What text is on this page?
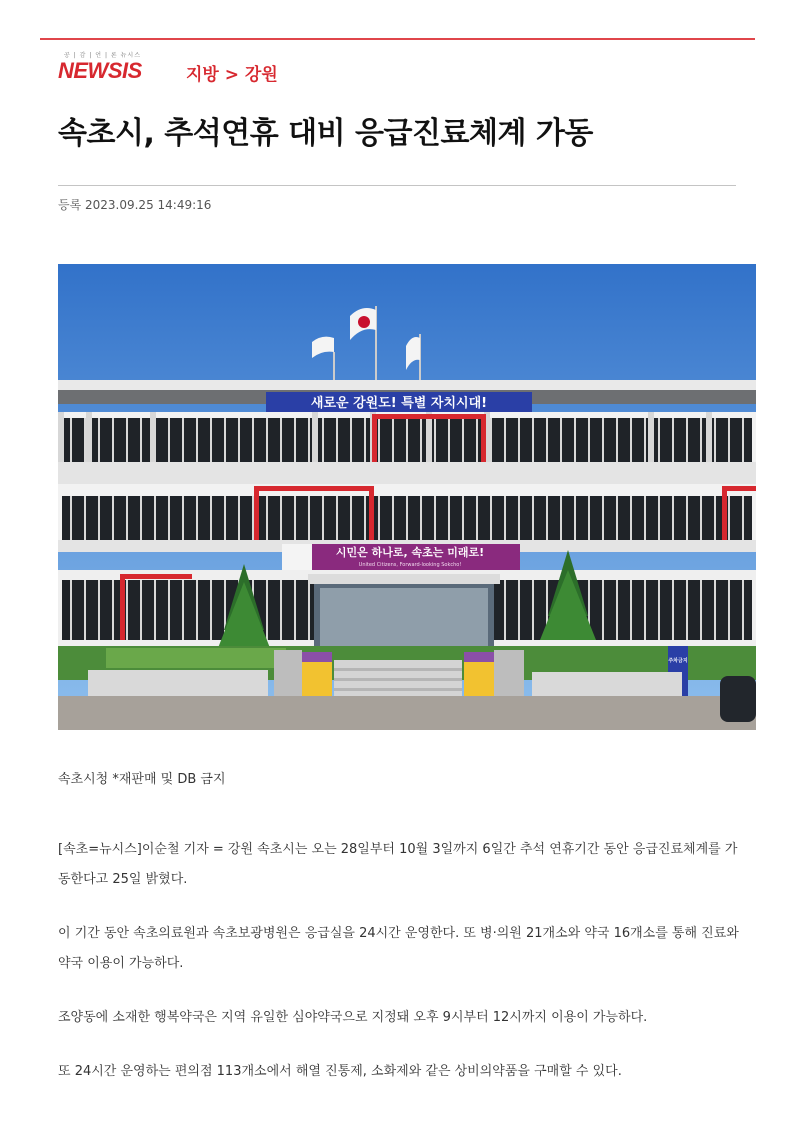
공 | 감 | 언 | 론 뉴시스
NEWSIS	지방 > 강원
속초시, 추석연휴 대비 응급진료체계 가동
등록 2023.09.25 14:49:16
새로운 강원도! 특별 자치시대!
시민은 하나로, 속초는 미래로!
United Citizens, Forward-looking Sokcho!
주차금지
속초시청 *재판매 및 DB 금지

[속초=뉴시스]이순철 기자 = 강원 속초시는 오는 28일부터 10월 3일까지 6일간 추석 연휴기간 동안 응급진료체계를 가동한다고 25일 밝혔다.

이 기간 동안 속초의료원과 속초보광병원은 응급실을 24시간 운영한다. 또 병·의원 21개소와 약국 16개소를 통해 진료와 약국 이용이 가능하다.

조양동에 소재한 행복약국은 지역 유일한 심야약국으로 지정돼 오후 9시부터 12시까지 이용이 가능하다.

또 24시간 운영하는 편의점 113개소에서 해열 진통제, 소화제와 같은 상비의약품을 구매할 수 있다.
